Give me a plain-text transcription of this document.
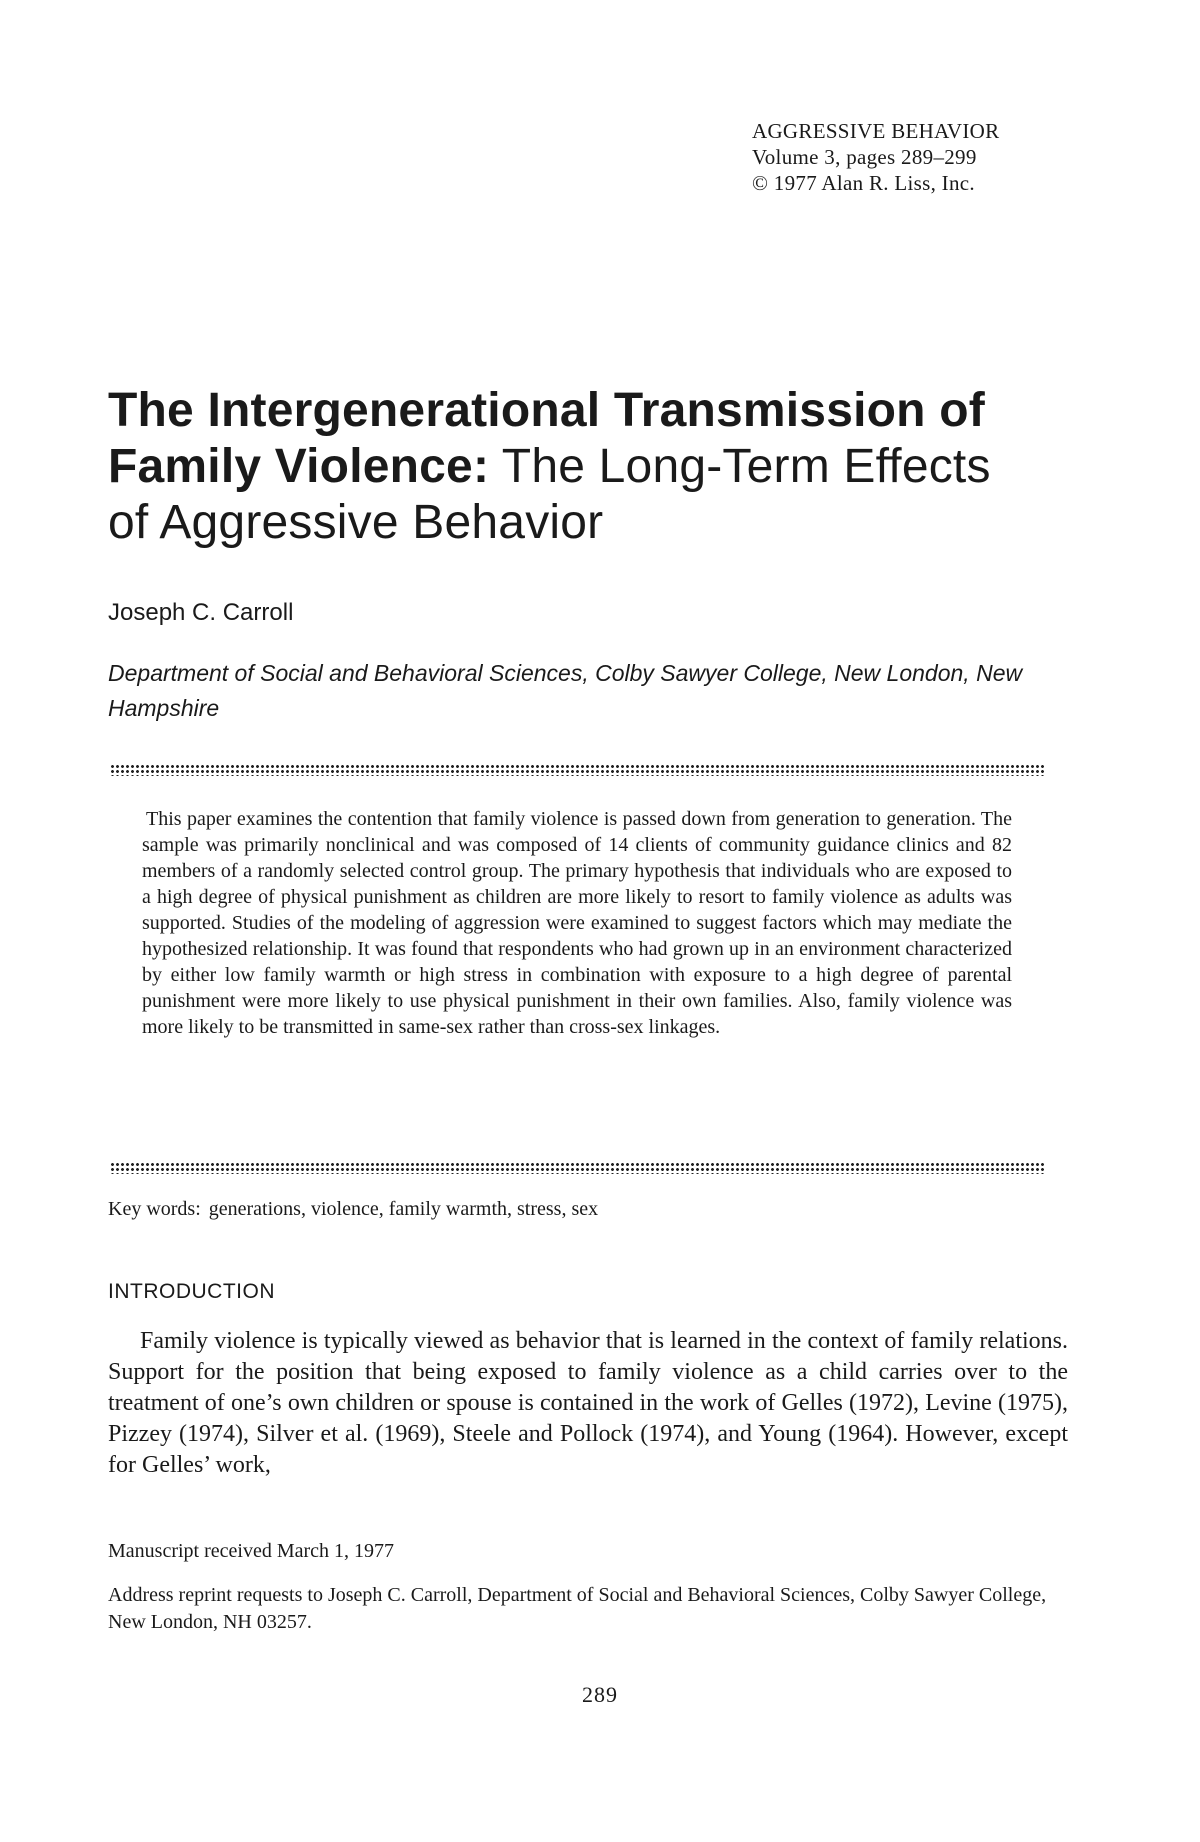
AGGRESSIVE BEHAVIOR
Volume 3, pages 289–299
© 1977 Alan R. Liss, Inc.
The Intergenerational Transmission of
Family Violence: The Long-Term Effects
of Aggressive Behavior
Joseph C. Carroll
Department of Social and Behavioral Sciences, Colby Sawyer College, New London, New Hampshire
This paper examines the contention that family violence is passed down from generation to generation. The sample was primarily nonclinical and was composed of 14 clients of community guidance clinics and 82 members of a randomly selected control group. The primary hypothesis that individuals who are exposed to a high degree of physical punishment as children are more likely to resort to family violence as adults was supported. Studies of the modeling of aggression were examined to suggest factors which may mediate the hypothesized relationship. It was found that respondents who had grown up in an environment characterized by either low family warmth or high stress in combination with exposure to a high degree of parental punishment were more likely to use physical punishment in their own families. Also, family violence was more likely to be transmitted in same-sex rather than cross-sex linkages.
Key words: generations, violence, family warmth, stress, sex
INTRODUCTION
Family violence is typically viewed as behavior that is learned in the context of family relations. Support for the position that being exposed to family violence as a child carries over to the treatment of one’s own children or spouse is contained in the work of Gelles (1972), Levine (1975), Pizzey (1974), Silver et al. (1969), Steele and Pollock (1974), and Young (1964). However, except for Gelles’ work,
Manuscript received March 1, 1977
Address reprint requests to Joseph C. Carroll, Department of Social and Behavioral Sciences, Colby Sawyer College, New London, NH 03257.
289
